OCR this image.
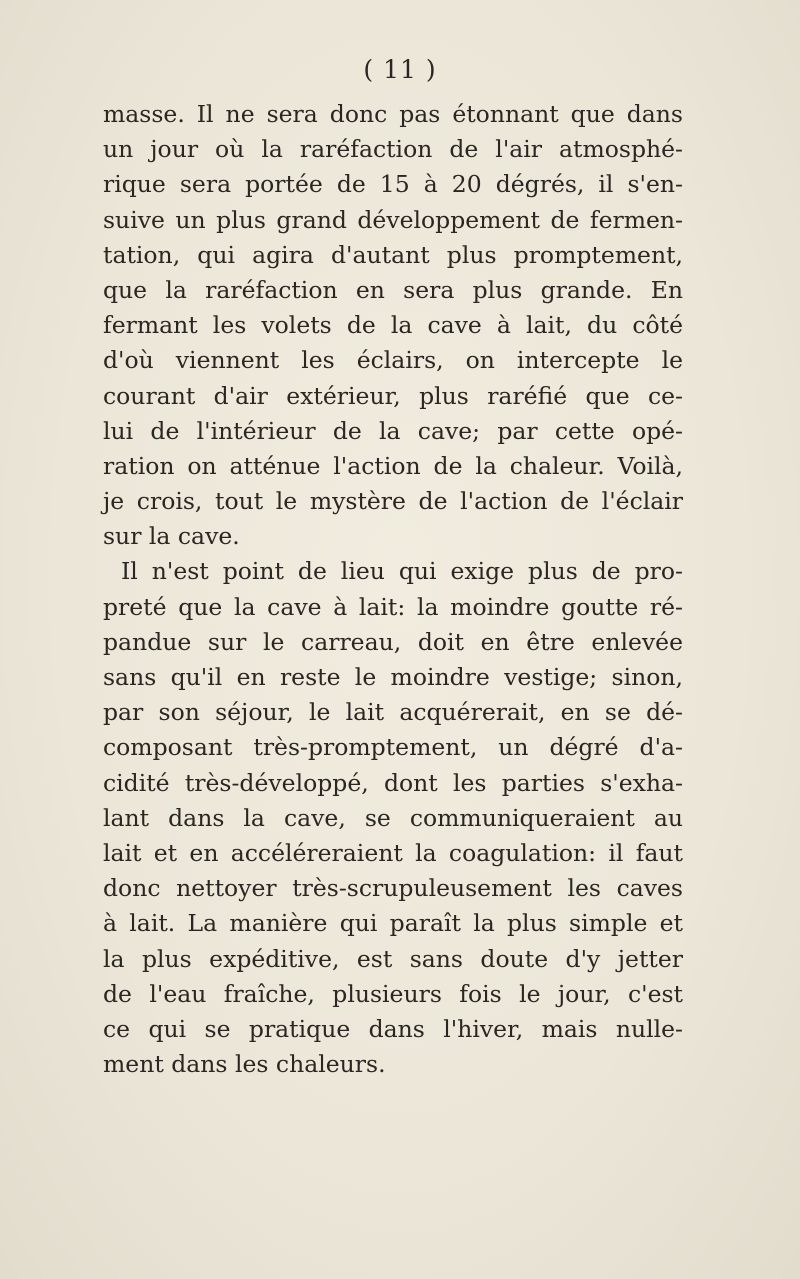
( 11 )
masse. Il ne sera donc pas étonnant que dans
un jour où la raréfaction de l'air atmosphé-
rique sera portée de 15 à 20 dégrés, il s'en-
suive un plus grand développement de fermen-
tation, qui agira d'autant plus promptement,
que la raréfaction en sera plus grande. En
fermant les volets de la cave à lait, du côté
d'où viennent les éclairs, on intercepte le
courant d'air extérieur, plus raréfié que ce-
lui de l'intérieur de la cave; par cette opé-
ration on atténue l'action de la chaleur. Voilà,
je crois, tout le mystère de l'action de l'éclair
sur la cave.
Il n'est point de lieu qui exige plus de pro-
preté que la cave à lait: la moindre goutte ré-
pandue sur le carreau, doit en être enlevée
sans qu'il en reste le moindre vestige; sinon,
par son séjour, le lait acquérerait, en se dé-
composant très-promptement, un dégré d'a-
cidité très-développé, dont les parties s'exha-
lant dans la cave, se communiqueraient au
lait et en accéléreraient la coagulation: il faut
donc nettoyer très-scrupuleusement les caves
à lait. La manière qui paraît la plus simple et
la plus expéditive, est sans doute d'y jetter
de l'eau fraîche, plusieurs fois le jour, c'est
ce qui se pratique dans l'hiver, mais nulle-
ment dans les chaleurs.
